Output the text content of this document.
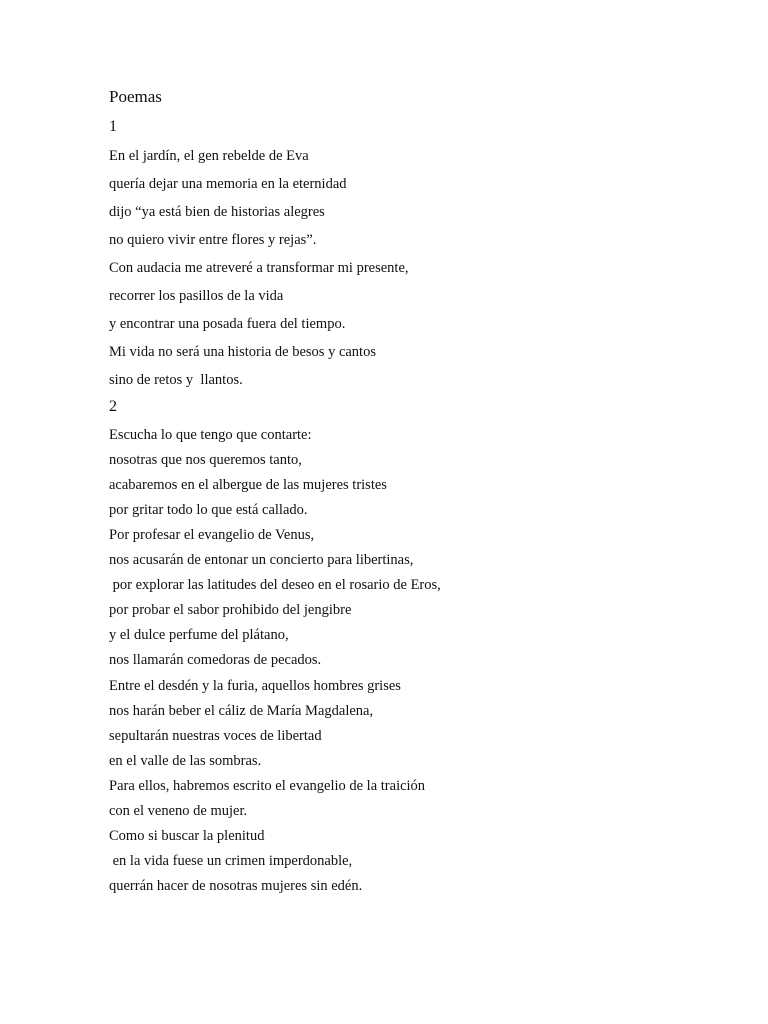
Poemas
1
En el jardín, el gen rebelde de Eva
quería dejar una memoria en la eternidad
dijo “ya está bien de historias alegres
no quiero vivir entre flores y rejas”.
Con audacia me atreveré a transformar mi presente,
recorrer los pasillos de la vida
y encontrar una posada fuera del tiempo.
Mi vida no será una historia de besos y cantos
sino de retos y  llantos.
2
Escucha lo que tengo que contarte:
nosotras que nos queremos tanto,
acabaremos en el albergue de las mujeres tristes
por gritar todo lo que está callado.
Por profesar el evangelio de Venus,
nos acusarán de entonar un concierto para libertinas,
por explorar las latitudes del deseo en el rosario de Eros,
por probar el sabor prohibido del jengibre
y el dulce perfume del plátano,
nos llamarán comedoras de pecados.
Entre el desdén y la furia, aquellos hombres grises
nos harán beber el cáliz de María Magdalena,
sepultarán nuestras voces de libertad
en el valle de las sombras.
Para ellos, habremos escrito el evangelio de la traición
con el veneno de mujer.
Como si buscar la plenitud
en la vida fuese un crimen imperdonable,
querrán hacer de nosotras mujeres sin edén.
